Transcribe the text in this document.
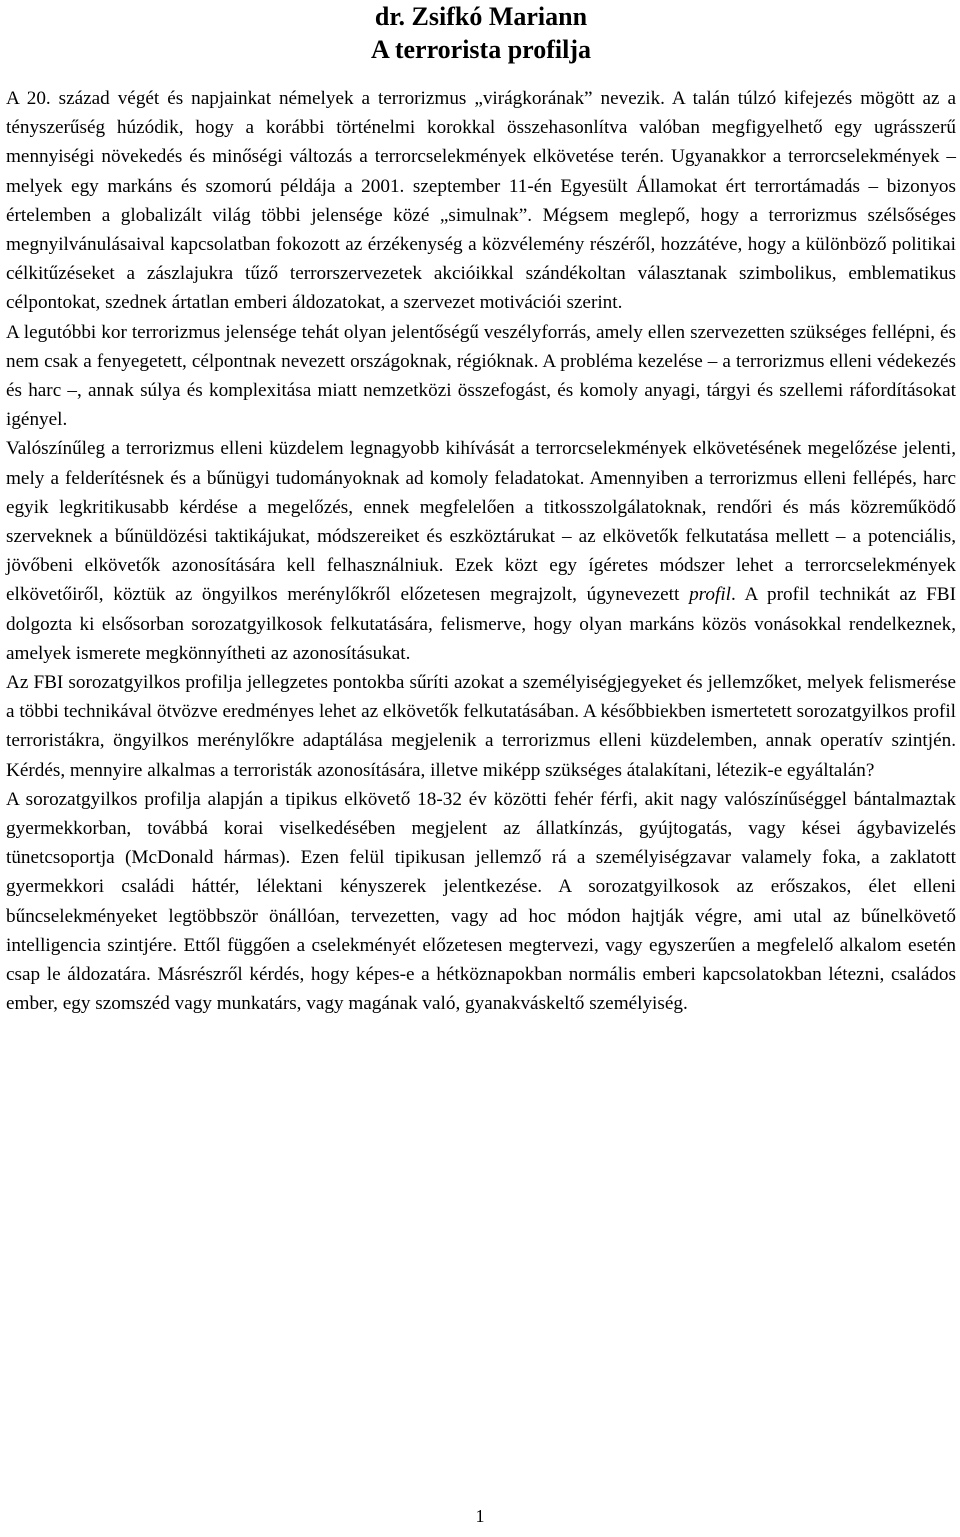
dr. Zsifkó Mariann
A terrorista profilja

A 20. század végét és napjainkat némelyek a terrorizmus „virágkorának” nevezik. A talán túlzó kifejezés mögött az a tényszerűség húzódik, hogy a korábbi történelmi korokkal összehasonlítva valóban megfigyelhető egy ugrásszerű mennyiségi növekedés és minőségi változás a terrorcselekmények elkövetése terén. Ugyanakkor a terrorcselekmények – melyek egy markáns és szomorú példája a 2001. szeptember 11-én Egyesült Államokat ért terrortámadás – bizonyos értelemben a globalizált világ többi jelensége közé „simulnak”. Mégsem meglepő, hogy a terrorizmus szélsőséges megnyilvánulásaival kapcsolatban fokozott az érzékenység a közvélemény részéről, hozzátéve, hogy a különböző politikai célkitűzéseket a zászlajukra tűző terrorszervezetek akcióikkal szándékoltan választanak szimbolikus, emblematikus célpontokat, szednek ártatlan emberi áldozatokat, a szervezet motivációi szerint.

A legutóbbi kor terrorizmus jelensége tehát olyan jelentőségű veszélyforrás, amely ellen szervezetten szükséges fellépni, és nem csak a fenyegetett, célpontnak nevezett országoknak, régióknak. A probléma kezelése – a terrorizmus elleni védekezés és harc –, annak súlya és komplexitása miatt nemzetközi összefogást, és komoly anyagi, tárgyi és szellemi ráfordításokat igényel.

Valószínűleg a terrorizmus elleni küzdelem legnagyobb kihívását a terrorcselekmények elkövetésének megelőzése jelenti, mely a felderítésnek és a bűnügyi tudományoknak ad komoly feladatokat. Amennyiben a terrorizmus elleni fellépés, harc egyik legkritikusabb kérdése a megelőzés, ennek megfelelően a titkosszolgálatoknak, rendőri és más közreműködő szerveknek a bűnüldözési taktikájukat, módszereiket és eszköztárukat – az elkövetők felkutatása mellett – a potenciális, jövőbeni elkövetők azonosítására kell felhasználniuk. Ezek közt egy ígéretes módszer lehet a terrorcselekmények elkövetőiről, köztük az öngyilkos merénylőkről előzetesen megrajzolt, úgynevezett profil. A profil technikát az FBI dolgozta ki elsősorban sorozatgyilkosok felkutatására, felismerve, hogy olyan markáns közös vonásokkal rendelkeznek, amelyek ismerete megkönnyítheti az azonosításukat.

Az FBI sorozatgyilkos profilja jellegzetes pontokba sűríti azokat a személyiségjegyeket és jellemzőket, melyek felismerése a többi technikával ötvözve eredményes lehet az elkövetők felkutatásában. A későbbiekben ismertetett sorozatgyilkos profil terroristákra, öngyilkos merénylőkre adaptálása megjelenik a terrorizmus elleni küzdelemben, annak operatív szintjén. Kérdés, mennyire alkalmas a terroristák azonosítására, illetve miképp szükséges átalakítani, létezik-e egyáltalán?

A sorozatgyilkos profilja alapján a tipikus elkövető 18-32 év közötti fehér férfi, akit nagy valószínűséggel bántalmaztak gyermekkorban, továbbá korai viselkedésében megjelent az állatkínzás, gyújtogatás, vagy kései ágybavizelés tünetcsoportja (McDonald hármas). Ezen felül tipikusan jellemző rá a személyiségzavar valamely foka, a zaklatott gyermekkori családi háttér, lélektani kényszerek jelentkezése. A sorozatgyilkosok az erőszakos, élet elleni bűncselekményeket legtöbbször önállóan, tervezetten, vagy ad hoc módon hajtják végre, ami utal az bűnelkövető intelligencia szintjére. Ettől függően a cselekményét előzetesen megtervezi, vagy egyszerűen a megfelelő alkalom esetén csap le áldozatára. Másrészről kérdés, hogy képes-e a hétköznapokban normális emberi kapcsolatokban létezni, családos ember, egy szomszéd vagy munkatárs, vagy magának való, gyanakváskeltő személyiség.

1
